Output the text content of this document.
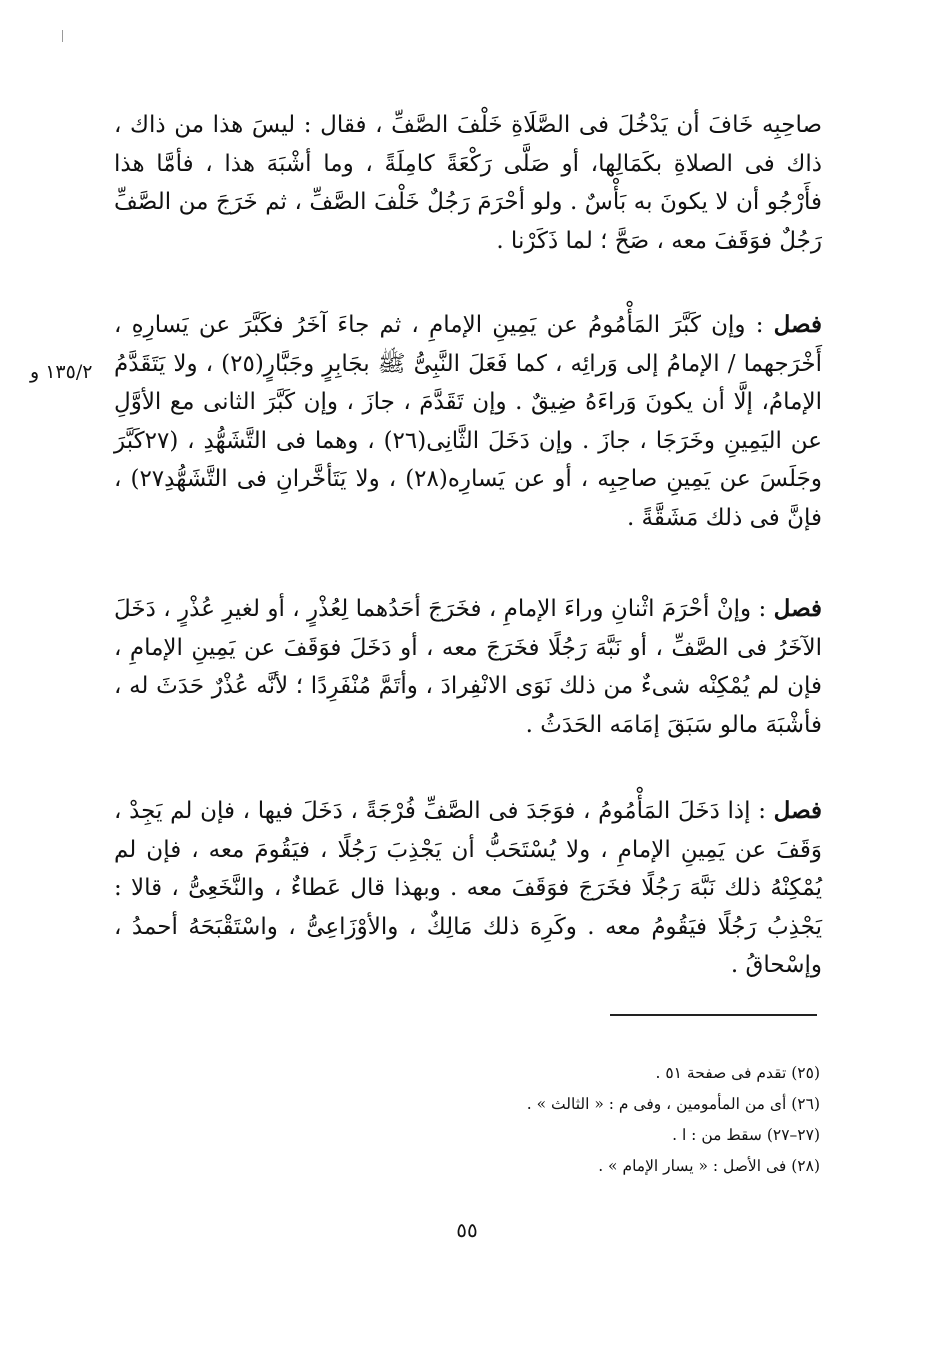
١٣٥/٢ و

صاحِبِه خَافَ أن يَدْخُلَ فى الصَّلَاةِ خَلْفَ الصَّفِّ ، فقال : ليسَ هذا من ذاك ، ذاك فى الصلاةِ بكَمَالِها، أو صَلَّى رَكْعَةً كامِلَةً ، وما أشْبَهَ هذا ، فأمَّا هذا فأَرْجُو أن لا يكونَ به بَأْسٌ . ولو أحْرَمَ رَجُلٌ خَلْفَ الصَّفِّ ، ثم خَرَجَ من الصَّفِّ رَجُلٌ فوَقَفَ معه ، صَحَّ ؛ لما ذَكَرْنا .

فصل : وإن كَبَّرَ المَأْمُومُ عن يَمِينِ الإمامِ ، ثم جاءَ آخَرُ فكَبَّرَ عن يَسارِهِ ، أَخْرَجهما / الإمامُ إلى وَرائِه ، كما فَعَلَ النَّبِىُّ ﷺ بجَابِرٍ وجَبَّارٍ(٢٥) ، ولا يَتَقَدَّمُ الإمامُ، إلَّا أن يكونَ وَراءَهُ ضِيقٌ . وإن تَقَدَّمَ ، جازَ ، وإن كَبَّرَ الثانى مع الأوَّلِ عن اليَمِينِ وخَرَجَا ، جازَ . وإن دَخَلَ الثَّانِى(٢٦) ، وهما فى التَّشَهُّدِ ، (٢٧كَبَّرَ وجَلَسَ عن يَمِينِ صاحِبِه ، أو عن يَسارِه(٢٨) ، ولا يَتَأخَّرانِ فى التَّشَهُّدِ٢٧) ، فإنَّ فى ذلك مَشَقَّةً .

فصل : وإنْ أحْرَمَ اثْنانِ وراءَ الإمامِ ، فخَرَجَ أحَدُهما لِعُذْرٍ ، أو لغيرِ عُذْرٍ ، دَخَلَ الآخَرُ فى الصَّفِّ ، أو نَبَّهَ رَجُلًا فخَرَجَ معه ، أو دَخَلَ فوَقَفَ عن يَمِينِ الإمامِ ، فإن لم يُمْكِنْه شىءٌ من ذلك نَوَى الانْفِرادَ ، وأتَمَّ مُنْفَرِدًا ؛ لأنَّه عُذْرٌ حَدَثَ له ، فأشْبَهَ مالو سَبَقَ إمَامَه الحَدَثُ .

فصل : إذا دَخَلَ المَأْمُومُ ، فوَجَدَ فى الصَّفِّ فُرْجَةً ، دَخَلَ فيها ، فإن لم يَجِدْ ، وَقَفَ عن يَمِينِ الإمامِ ، ولا يُسْتَحَبُّ أن يَجْذِبَ رَجُلًا ، فيَقُومَ معه ، فإن لم يُمْكِنْهُ ذلك نَبَّهَ رَجُلًا فخَرَجَ فوَقَفَ معه . وبهذا قال عَطاءٌ ، والنَّخَعِىُّ ، قالا : يَجْذِبُ رَجُلًا فيَقُومُ معه . وكَرِهَ ذلك مَالِكٌ ، والأوْزَاعِىُّ ، واسْتَقْبَحَهُ أحمدُ ، وإسْحاقُ .

(٢٥) تقدم فى صفحة ٥١ .
(٢٦) أى من المأمومين ، وفى م : « الثالث » .
(٢٧–٢٧) سقط من : ا .
(٢٨) فى الأصل : « يسار الإمام » .
٥٥
